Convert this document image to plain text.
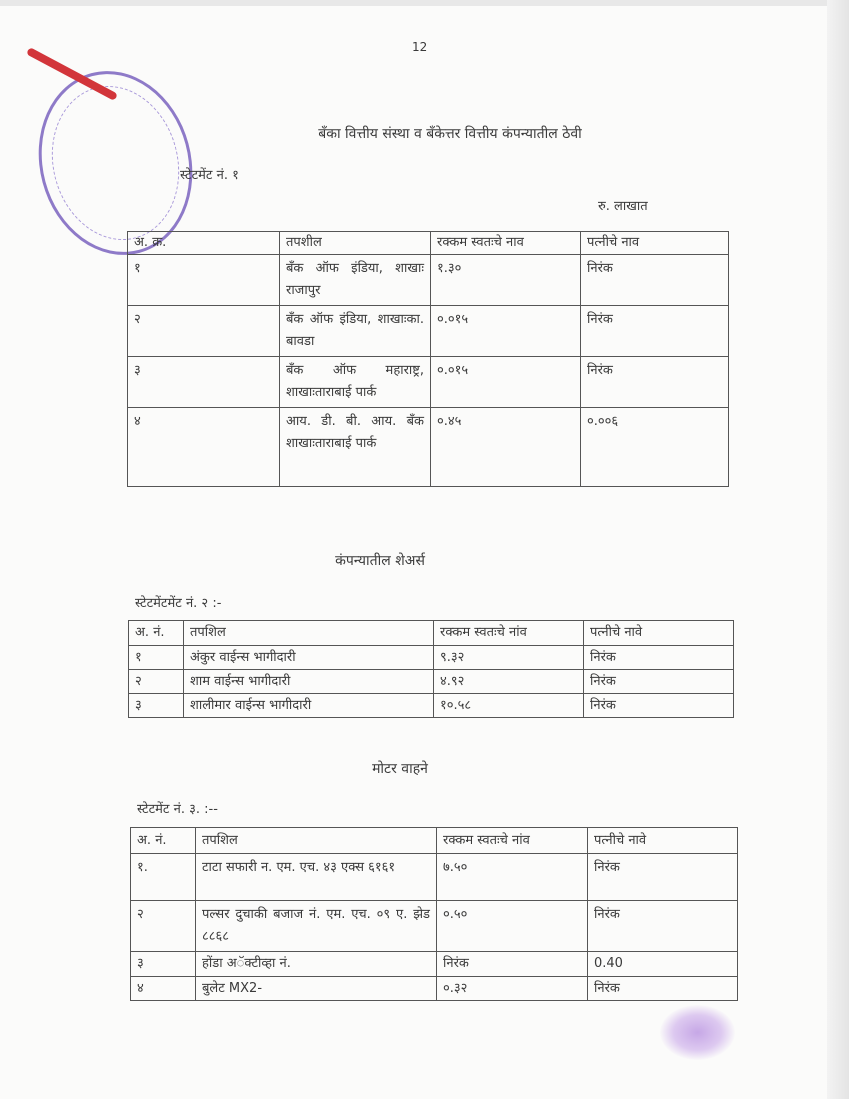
12
बँका वित्तीय संस्था व बँकेत्तर वित्तीय कंपन्यातील ठेवी
स्टेटमेंट नं. १
रु. लाखात
अ. क्र.	तपशील	रक्कम स्वतःचे नाव	पत्नीचे नाव
१	बँक ऑफ इंडिया, शाखाः राजापुर	१.३०	निरंक
२	बँक ऑफ इंडिया, शाखाःका. बावडा	०.०१५	निरंक
३	बँक ऑफ महाराष्ट्र, शाखाःताराबाई पार्क	०.०१५	निरंक
४	आय. डी. बी. आय. बँक शाखाःताराबाई पार्क	०.४५	०.००६
कंपन्यातील शेअर्स
स्टेटमेंटमेंट नं. २ :-
अ. नं.	तपशिल	रक्कम स्वतःचे नांव	पत्नीचे नावे
१	अंकुर वाईन्स भागीदारी	९.३२	निरंक
२	शाम वाईन्स भागीदारी	४.९२	निरंक
३	शालीमार वाईन्स भागीदारी	१०.५८	निरंक
मोटर वाहने
स्टेटमेंट नं. ३. :--
अ. नं.	तपशिल	रक्कम स्वतःचे नांव	पत्नीचे नावे
१.	टाटा सफारी न. एम. एच. ४३ एक्स ६१६१	७.५०	निरंक
२	पल्सर दुचाकी बजाज नं. एम. एच. ०९ ए. झेड ८८६८	०.५०	निरंक
३	होंडा अॅक्टीव्हा नं.	निरंक	0.40
४	बुलेट MX2-	०.३२	निरंक
